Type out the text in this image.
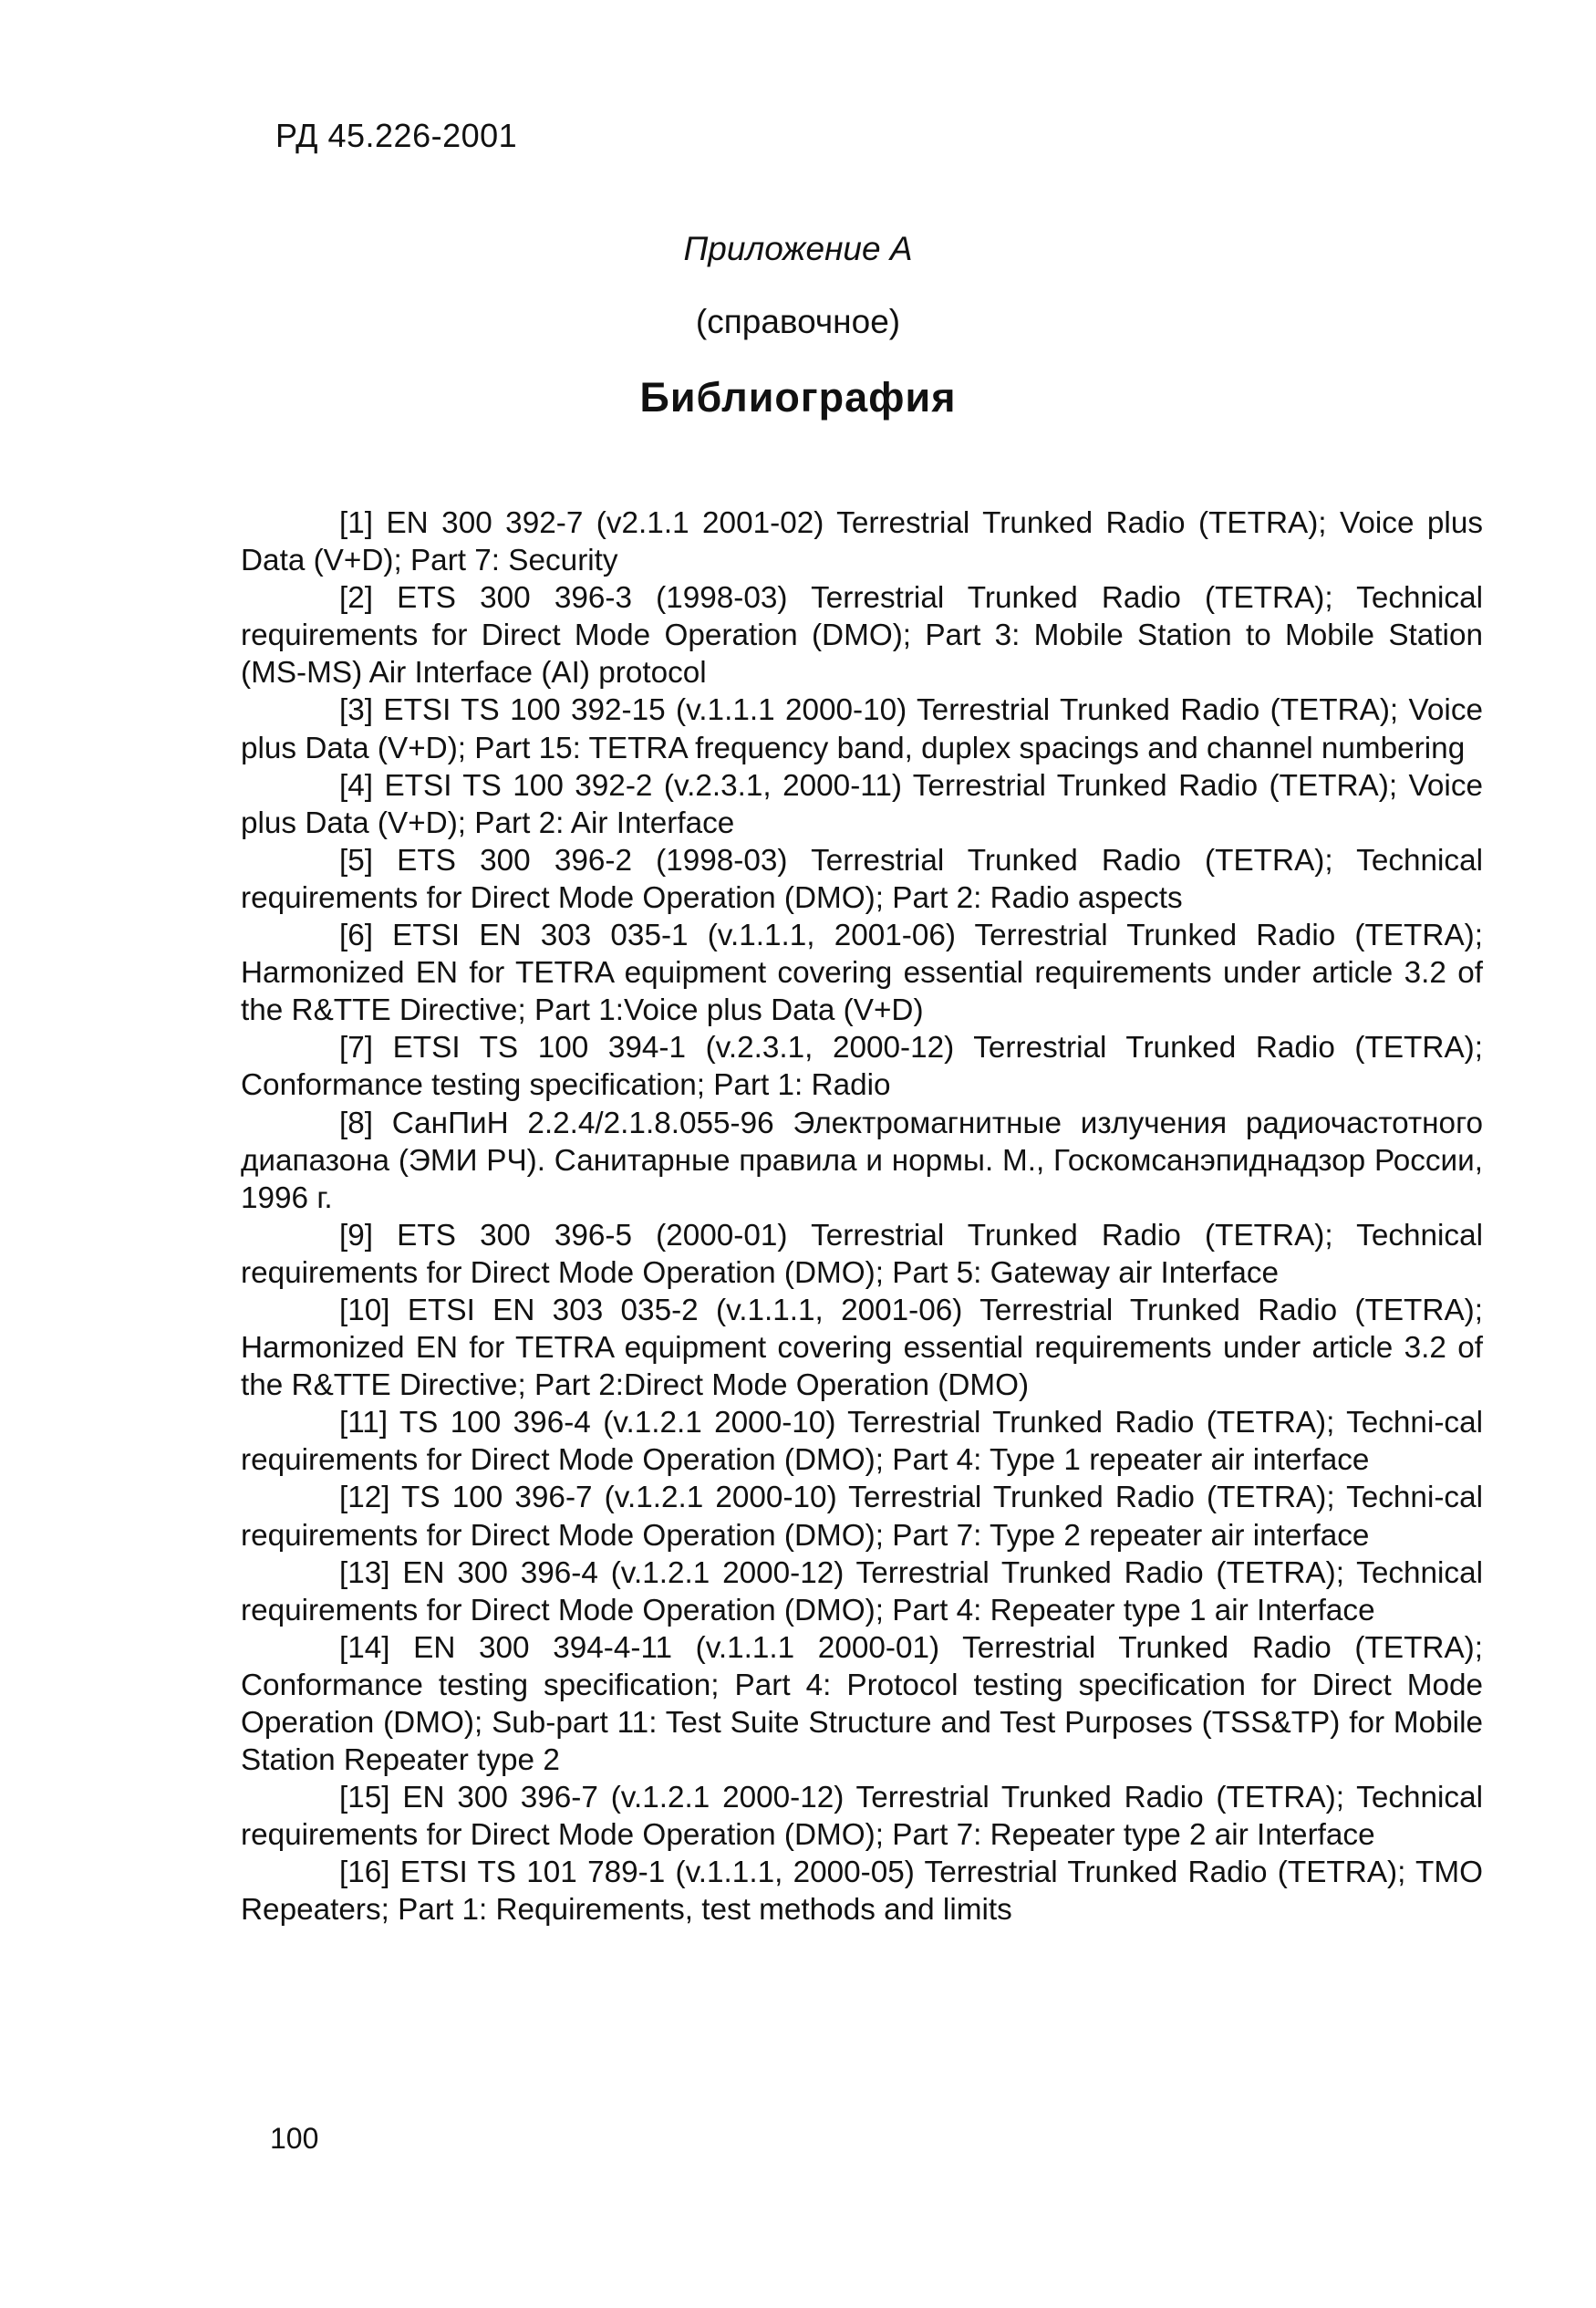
РД 45.226-2001
Приложение А
(справочное)
Библиография
[1] EN 300 392-7 (v2.1.1 2001-02) Terrestrial Trunked Radio (TETRA); Voice plus Data (V+D); Part 7: Security
[2] ETS 300 396-3 (1998-03) Terrestrial Trunked Radio (TETRA); Technical requirements for Direct Mode Operation (DMO); Part 3: Mobile Station to Mobile Station (MS-MS) Air Interface (AI) protocol
[3] ETSI TS 100 392-15 (v.1.1.1 2000-10) Terrestrial Trunked Radio (TETRA); Voice plus Data (V+D); Part 15: TETRA frequency band, duplex spacings and channel numbering
[4] ETSI TS 100 392-2 (v.2.3.1, 2000-11) Terrestrial Trunked Radio (TETRA); Voice plus Data (V+D); Part 2: Air Interface
[5] ETS 300 396-2 (1998-03) Terrestrial Trunked Radio (TETRA); Technical requirements for Direct Mode Operation (DMO); Part 2: Radio aspects
[6] ETSI EN 303 035-1 (v.1.1.1, 2001-06) Terrestrial Trunked Radio (TETRA); Harmonized EN for TETRA equipment covering essential requirements under article 3.2 of the R&TTE Directive; Part 1:Voice plus Data (V+D)
[7] ETSI TS 100 394-1 (v.2.3.1, 2000-12) Terrestrial Trunked Radio (TETRA); Conformance testing specification; Part 1: Radio
[8] СанПиН 2.2.4/2.1.8.055-96 Электромагнитные излучения радиочастотного диапазона (ЭМИ РЧ). Санитарные правила и нормы. М., Госкомсанэпиднадзор России, 1996 г.
[9] ETS 300 396-5 (2000-01) Terrestrial Trunked Radio (TETRA); Technical requirements for Direct Mode Operation (DMO); Part 5: Gateway air Interface
[10] ETSI EN 303 035-2 (v.1.1.1, 2001-06) Terrestrial Trunked Radio (TETRA); Harmonized EN for TETRA equipment covering essential requirements under article 3.2 of the R&TTE Directive; Part 2:Direct Mode Operation (DMO)
[11] TS 100 396-4 (v.1.2.1 2000-10) Terrestrial Trunked Radio (TETRA); Techni-cal requirements for Direct Mode Operation (DMO); Part 4: Type 1 repeater air interface
[12] TS 100 396-7 (v.1.2.1 2000-10) Terrestrial Trunked Radio (TETRA); Techni-cal requirements for Direct Mode Operation (DMO); Part 7: Type 2 repeater air interface
[13] EN 300 396-4 (v.1.2.1 2000-12) Terrestrial Trunked Radio (TETRA); Technical requirements for Direct Mode Operation (DMO); Part 4: Repeater type 1 air Interface
[14] EN 300 394-4-11 (v.1.1.1 2000-01) Terrestrial Trunked Radio (TETRA); Conformance testing specification; Part 4: Protocol testing specification for Direct Mode Operation (DMO); Sub-part 11: Test Suite Structure and Test Purposes (TSS&TP) for Mobile Station Repeater type 2
[15] EN 300 396-7 (v.1.2.1 2000-12) Terrestrial Trunked Radio (TETRA); Technical requirements for Direct Mode Operation (DMO); Part 7: Repeater type 2 air Interface
[16] ETSI TS 101 789-1 (v.1.1.1, 2000-05) Terrestrial Trunked Radio (TETRA); TMO Repeaters; Part 1: Requirements, test methods and limits
100
